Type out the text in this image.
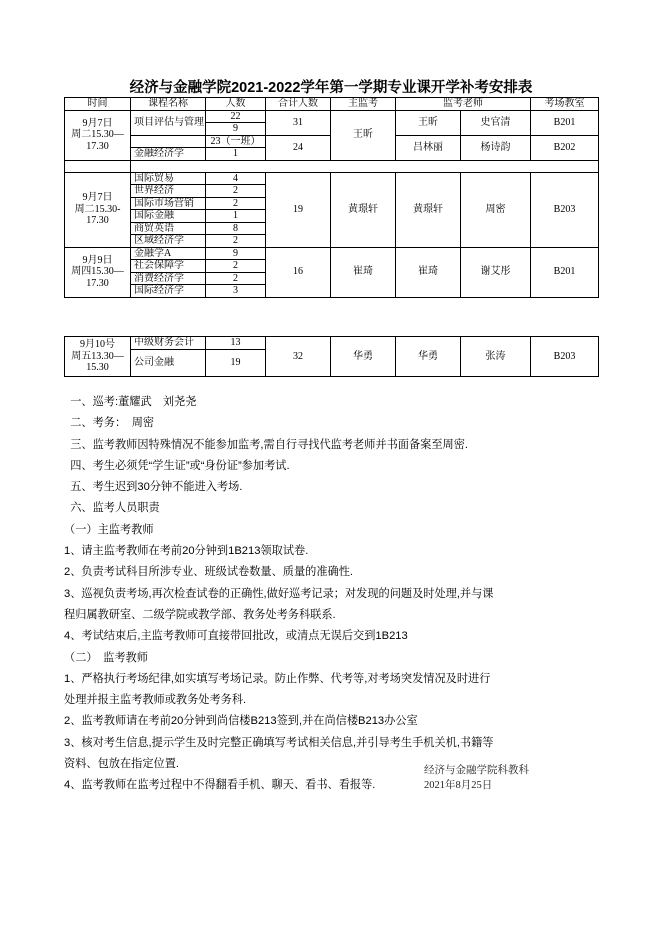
经济与金融学院2021-2022学年第一学期专业课开学补考安排表
时间	课程名称	人数	合计人数	主监考	监考老师		考场教室
9月7日
周二15.30—
17.30	项目评估与管理	22	31	王昕	王昕	史官清	B201
		9					
		23（一班）	24		吕林丽	杨诗韵	B202
	金融经济学	1					

9月7日
周二15.30-
17.30	国际贸易	4	19	黄璟轩	黄璟轩	周密	B203
	世界经济	2					
	国际市场营销	2					
	国际金融	1					
	商贸英语	8					
	区域经济学	2					
9月9日
周四15.30—
17.30	金融学A	9	16	崔琦	崔琦	谢艾彤	B201
	社会保障学	2					
	消费经济学	2					
	国际经济学	3					
9月10号
周五13.30—
15.30	中级财务会计	13	32	华勇	华勇	张涛	B203
	公司金融	19					
一、巡考:董耀武　刘尧尧
二、考务：　周密
三、监考教师因特殊情况不能参加监考,需自行寻找代监考老师并书面备案至周密.
四、考生必须凭“学生证”或“身份证”参加考试.
五、考生迟到30分钟不能进入考场.
六、监考人员职责
（一）主监考教师
1、请主监考教师在考前20分钟到1B213领取试卷.
2、负责考试科目所涉专业、班级试卷数量、质量的准确性.
3、巡视负责考场,再次检查试卷的正确性,做好巡考记录；对发现的问题及时处理,并与课
程归属教研室、二级学院或教学部、教务处考务科联系.
4、考试结束后,主监考教师可直接带回批改，或清点无误后交到1B213
（二）　监考教师
1、严格执行考场纪律,如实填写考场记录。防止作弊、代考等,对考场突发情况及时进行
处理并报主监考教师或教务处考务科.
2、监考教师请在考前20分钟到尚信楼B213签到,并在尚信楼B213办公室
3、核对考生信息,提示学生及时完整正确填写考试相关信息,并引导考生手机关机,书籍等
资料、包放在指定位置.
4、监考教师在监考过程中不得翻看手机、聊天、看书、看报等.
经济与金融学院科教科
2021年8月25日
